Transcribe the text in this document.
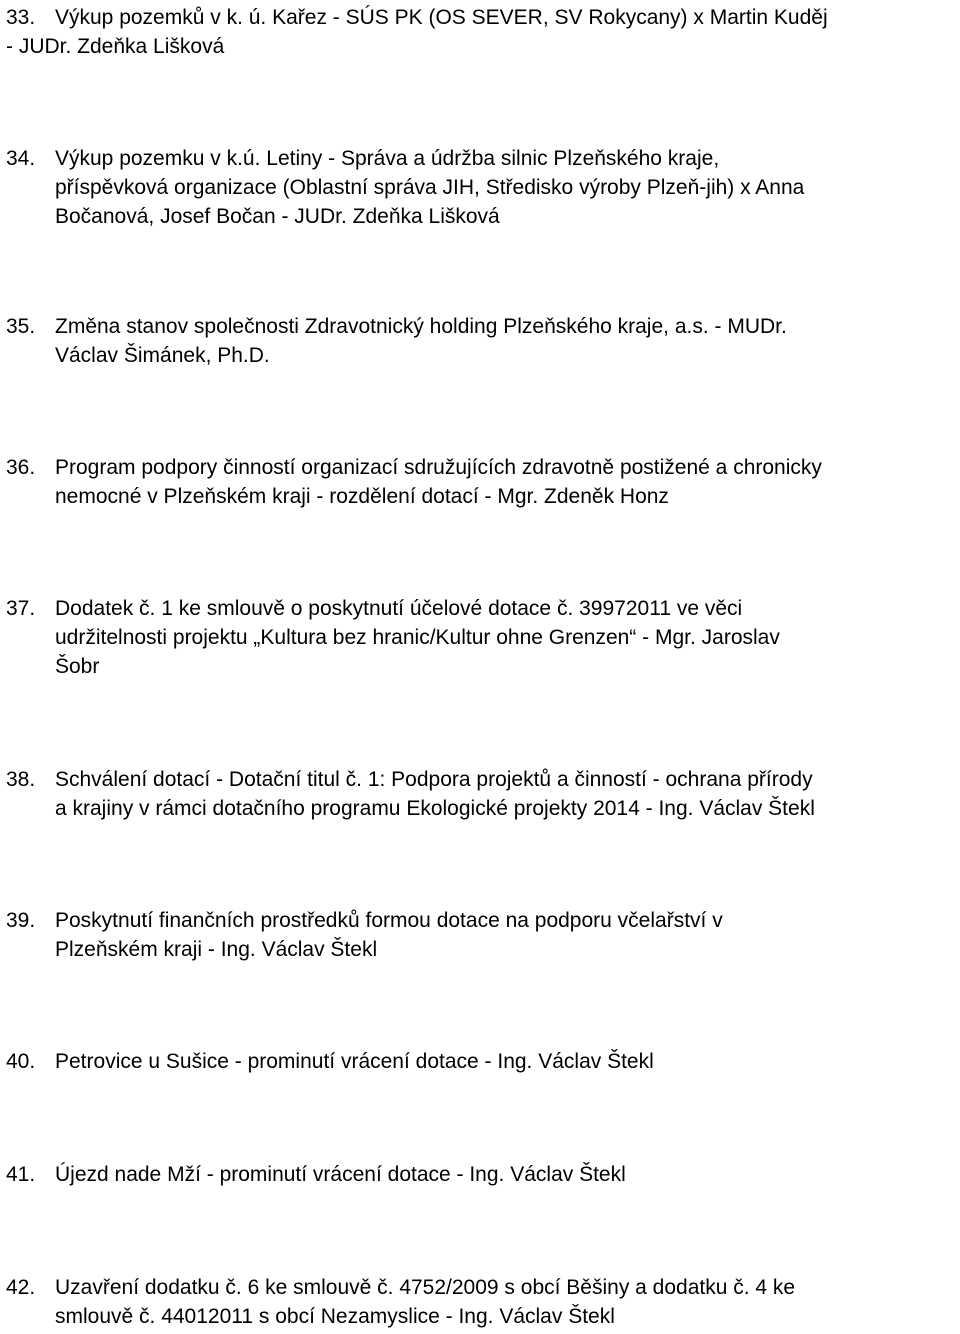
33. Výkup pozemků v k. ú. Kařez - SÚS PK (OS SEVER, SV Rokycany) x Martin Kuděj
- JUDr. Zdeňka Lišková
34. Výkup pozemku v k.ú. Letiny - Správa a údržba silnic Plzeňského kraje,
příspěvková organizace (Oblastní správa JIH, Středisko výroby Plzeň-jih) x Anna
Bočanová, Josef Bočan - JUDr. Zdeňka Lišková
35. Změna stanov společnosti Zdravotnický holding Plzeňského kraje, a.s. - MUDr.
Václav Šimánek, Ph.D.
36. Program podpory činností organizací sdružujících zdravotně postižené a chronicky
nemocné v Plzeňském kraji - rozdělení dotací - Mgr. Zdeněk Honz
37. Dodatek č. 1 ke smlouvě o poskytnutí účelové dotace č. 39972011 ve věci
udržitelnosti projektu „Kultura bez hranic/Kultur ohne Grenzen“ - Mgr. Jaroslav
Šobr
38. Schválení dotací - Dotační titul č. 1: Podpora projektů a činností - ochrana přírody
a krajiny v rámci dotačního programu Ekologické projekty 2014 - Ing. Václav Štekl
39. Poskytnutí finančních prostředků formou dotace na podporu včelařství v
Plzeňském kraji - Ing. Václav Štekl
40. Petrovice u Sušice - prominutí vrácení dotace - Ing. Václav Štekl
41. Újezd nade Mží - prominutí vrácení dotace - Ing. Václav Štekl
42. Uzavření dodatku č. 6 ke smlouvě č. 4752/2009 s obcí Běšiny a dodatku č. 4 ke
smlouvě č. 44012011 s obcí Nezamyslice - Ing. Václav Štekl
